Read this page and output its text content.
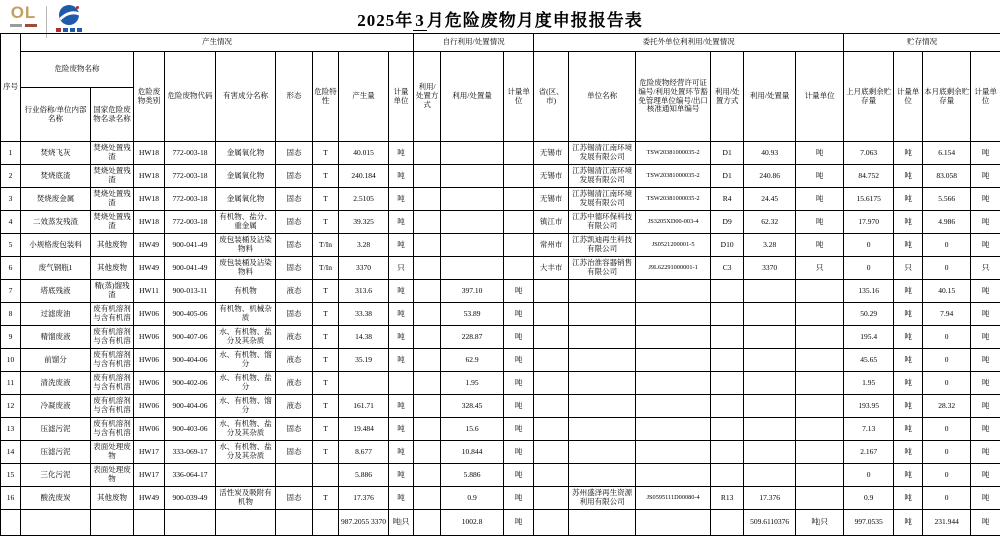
OL	2025年 3 月危险废物月度申报报告表
序号	产生情况									自行利用/处置情况			委托外单位利利用/处置情况						贮存情况			
	危险废物名称		危险废物类别	危险废物代码	有害成分名称	形态	危险特性	产生量	计量单位	利用/处置方式	利用/处置量	计量单位	省(区、市)	单位名称	危险废物经营许可证编号/利用处置环节豁免管理单位编号/出口核准通知单编号	利用/处置方式	利用/处置量	计量单位	上月底剩余贮存量	计量单位	本月底剩余贮存量	计量单位
	行业俗称/单位内部名称	国家危险废物名录名称																				
1	焚烧飞灰	焚烧处置残渣	HW18	772-003-18	金属氧化物	固态	T	40.015	吨				无锡市	江苏锡清江南环境发展有限公司	TSW20381000035-2	D1	40.93	吨	7.063	吨	6.154	吨
2	焚烧底渣	焚烧处置残渣	HW18	772-003-18	金属氧化物	固态	T	240.184	吨				无锡市	江苏锡清江南环境发展有限公司	TSW20381000035-2	D1	240.86	吨	84.752	吨	83.058	吨
3	焚烧废金属	焚烧处置残渣	HW18	772-003-18	金属氧化物	固态	T	2.5105	吨				无锡市	江苏锡清江南环境发展有限公司	TSW20381000035-2	R4	24.45	吨	15.6175	吨	5.566	吨
4	二效蒸发残渣	焚烧处置残渣	HW18	772-003-18	有机物、盐分、重金属	固态	T	39.325	吨				镇江市	江苏中德环保科技有限公司	JS3205XD00-003-4	D9	62.32	吨	17.970	吨	4.986	吨
5	小规格废包装料	其他废物	HW49	900-041-49	废包装桶及沾染物料	固态	T/In	3.28	吨				常州市	江苏凯迪再生科技有限公司	JS0521200001-5	D10	3.28	吨	0	吨	0	吨
6	废气钢瓶1	其他废物	HW49	900-041-49	废包装桶及沾染物料	固态	T/In	3370	只				大丰市	江苏治淮容器销售有限公司	J9L62291000001-1	C3	3370	只	0	只	0	只
7	塔底残液	精(蒸)馏残渣	HW11	900-013-11	有机物	液态	T	313.6	吨		397.10	吨							135.16	吨	40.15	吨
8	过滤废油	废有机溶剂与含有机溶	HW06	900-405-06	有机物、机械杂质	固态	T	33.38	吨		53.89	吨							50.29	吨	7.94	吨
9	精馏废液	废有机溶剂与含有机溶	HW06	900-407-06	水、有机物、盐分及其杂质	液态	T	14.38	吨		228.87	吨							195.4	吨	0	吨
10	前馏分	废有机溶剂与含有机溶	HW06	900-404-06	水、有机物、馏分	液态	T	35.19	吨		62.9	吨							45.65	吨	0	吨
11	清洗废液	废有机溶剂与含有机溶	HW06	900-402-06	水、有机物、盐分	液态	T				1.95	吨							1.95	吨	0	吨
12	冷凝废液	废有机溶剂与含有机溶	HW06	900-404-06	水、有机物、馏分	液态	T	161.71	吨		328.45	吨							193.95	吨	28.32	吨
13	压滤污泥	废有机溶剂与含有机溶	HW06	900-403-06	水、有机物、盐分及其杂质	固态	T	19.484	吨		15.6	吨							7.13	吨	0	吨
14	压滤污泥	表面处理废物	HW17	333-069-17	水、有机物、盐分及其杂质	固态	T	8.677	吨		10.844	吨							2.167	吨	0	吨
15	三化污泥	表面处理废物	HW17	336-064-17				5.886	吨		5.886	吨							0	吨	0	吨
16	酸洗废炭	其他废物	HW49	900-039-49	活性炭及吸附有机物	固态	T	17.376	吨		0.9	吨		苏州盛泽再生资源利用有限公司	JS0595111D00080-4	R13	17.376		0.9	吨	0	吨
								987.2055 3370	吨|只		1002.8	吨					509.6110376	吨|只	997.0535	吨	231.944	吨
